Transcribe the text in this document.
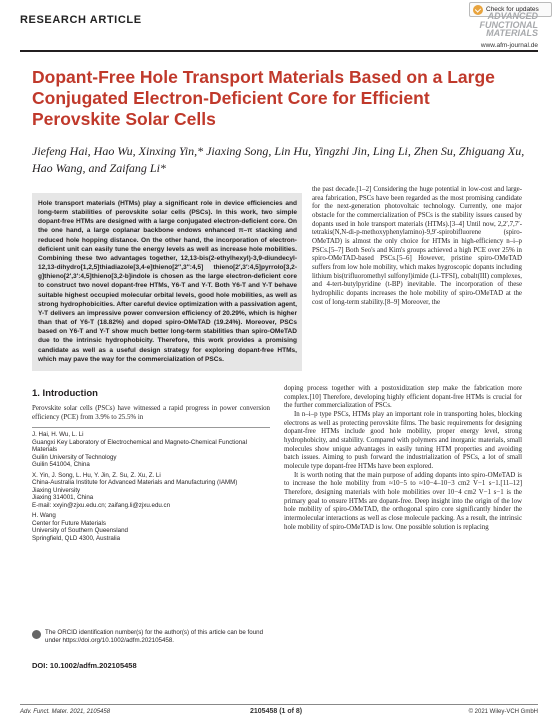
Check for updates
RESEARCH ARTICLE	ADVANCED FUNCTIONAL MATERIALS
www.afm-journal.de
Dopant-Free Hole Transport Materials Based on a Large Conjugated Electron-Deficient Core for Efficient Perovskite Solar Cells
Jiefeng Hai, Hao Wu, Xinxing Yin,* Jiaxing Song, Lin Hu, Yingzhi Jin, Ling Li, Zhen Su, Zhiguang Xu, Hao Wang, and Zaifang Li*
Hole transport materials (HTMs) play a significant role in device efficiencies and long-term stabilities of perovskite solar cells (PSCs). In this work, two simple dopant-free HTMs are designed with a large conjugated electron-deficient core. On the one hand, a large coplanar backbone endows enhanced π–π stacking and reduced hole hopping distance. On the other hand, the incorporation of electron-deficient unit can easily tune the energy levels as well as increase hole mobilities. Combining these two advantages together, 12,13-bis(2-ethylhexyl)-3,9-diundecyl-12,13-dihydro[1,2,5]thiadiazole[3,4-e]thieno[2″,3″:4,5] thieno[2′,3′:4,5]pyrrolo[3,2-g]thieno[2′,3′:4,5]thieno[3,2-b]indole is chosen as the large electron-deficient core to construct two novel dopant-free HTMs, Y6-T and Y-T. Both Y6-T and Y-T behave suitable highest occupied molecular orbital levels, good hole mobilities, as well as strong hydrophobicities. After careful device optimization with a passivation agent, Y-T delivers an impressive power conversion efficiency of 20.29%, which is higher than that of Y6-T (18.82%) and doped spiro-OMeTAD (19.24%). Moreover, PSCs based on Y6-T and Y-T show much better long-term stabilities than spiro-OMeTAD due to the intrinsic hydrophobicity. Therefore, this work provides a promising candidate as well as a useful design strategy for exploring dopant-free HTMs, which may pave the way for the commercialization of PSCs.
the past decade.[1–2] Considering the huge potential in low-cost and large-area fabrication, PSCs have been regarded as the most promising candidate for the next-generation photovoltaic technology. Currently, one major obstacle for the commercialization of PSCs is the stability issues caused by dopants used in hole transport materials (HTMs).[3–4] Until now, 2,2′,7,7′-tetrakis(N,N-di-p-methoxyphenylamino)-9,9′-spirobifluorene (spiro-OMeTAD) is almost the only choice for HTMs in high-efficiency n–i–p PSCs.[5–7] Both Seo's and Kim's groups achieved a high PCE over 25% in spiro-OMeTAD-based PSCs.[5–6] However, pristine spiro-OMeTAD suffers from low hole mobility, which makes hygroscopic dopants including lithium bis(trifluoromethyl sulfonyl)imide (Li-TFSI), cobalt(III) complexes, and 4-tert-butylpyridine (t-BP) inevitable. The incorporation of these hydrophilic dopants increases the hole mobility of spiro-OMeTAD at the cost of long-term stability.[8–9] Moreover, the
1. Introduction
Perovskite solar cells (PSCs) have witnessed a rapid progress in power conversion efficiency (PCE) from 3.9% to 25.5% in
J. Hai, H. Wu, L. Li
Guangxi Key Laboratory of Electrochemical and Magneto-Chemical Functional Materials
Guilin University of Technology
Guilin 541004, China
X. Yin, J. Song, L. Hu, Y. Jin, Z. Su, Z. Xu, Z. Li
China-Australia Institute for Advanced Materials and Manufacturing (IAMM)
Jiaxing University
Jiaxing 314001, China
E-mail: xxyin@zjxu.edu.cn; zaifang.li@zjxu.edu.cn
H. Wang
Center for Future Materials
University of Southern Queensland
Springfield, QLD 4300, Australia
The ORCID identification number(s) for the author(s) of this article can be found under https://doi.org/10.1002/adfm.202105458.
DOI: 10.1002/adfm.202105458

doping process together with a postoxidization step make the fabrication more complex.[10] Therefore, developing highly efficient dopant-free HTMs is crucial for the further commercialization of PSCs.

In n–i–p type PSCs, HTMs play an important role in transporting holes, blocking electrons as well as protecting perovskite films. The basic requirements for designing dopant-free HTMs include good hole mobility, proper energy level, strong hydrophobicity, and stability. Compared with polymers and inorganic materials, small molecules show unique advantages in easily tuning HTM properties and avoiding batch issues. Aiming to push forward the industrialization of PSCs, a lot of small molecule type dopant-free HTMs have been explored.

It is worth noting that the main purpose of adding dopants into spiro-OMeTAD is to increase the hole mobility from ≈10−5 to ≈10−4–10−3 cm2 V−1 s−1.[11–12] Therefore, designing materials with hole mobilities over 10−4 cm2 V−1 s−1 is the primary goal to ensure HTMs are dopant-free. Deep insight into the origin of the low hole mobility of spiro-OMeTAD, the orthogonal spiro core significantly hinder the intermolecular interactions as well as close molecule packing. As a result, the intrinsic hole mobility of spiro-OMeTAD is low. One possible solution is replacing

Adv. Funct. Mater. 2021, 2105458	2105458 (1 of 8)	© 2021 Wiley-VCH GmbH
